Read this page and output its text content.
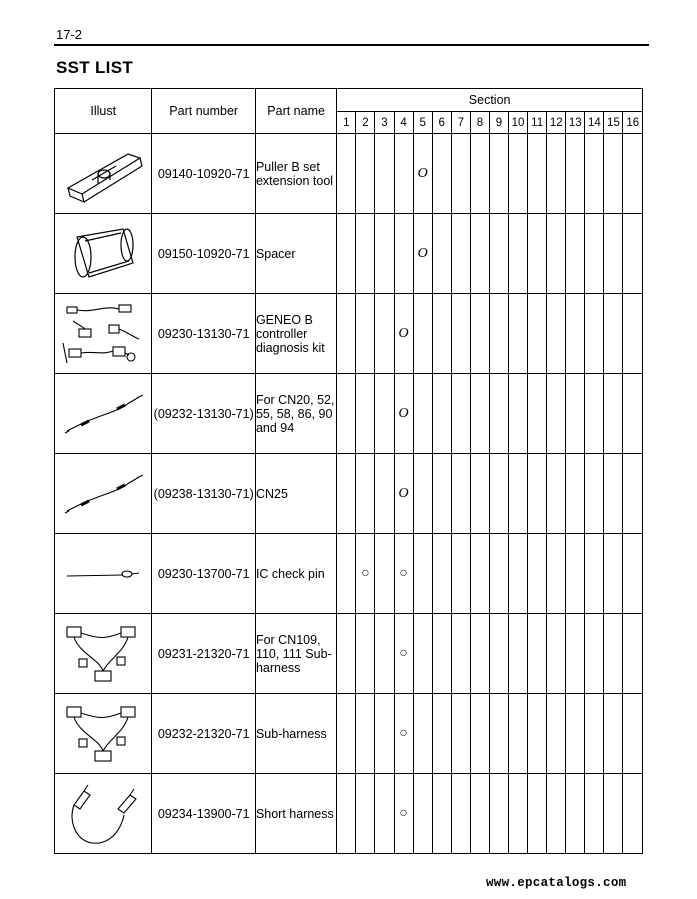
17-2
SST LIST
Illust	Part number	Part name	Section															
			1	2	3	4	5	6	7	8	9	10	11	12	13	14	15	16

	09140-10920-71	Puller B set extension tool					O											

	09150-10920-71	Spacer					O											

	09230-13130-71	GENEO B controller diagnosis kit				O												

	(09232-13130-71)	For CN20, 52, 55, 58, 86, 90 and 94				O												

	(09238-13130-71)	CN25				O												

	09230-13700-71	IC check pin		○		○												

	09231-21320-71	For CN109, 110, 111 Sub-harness				○												

	09232-21320-71	Sub-harness				○												

	09234-13900-71	Short harness				○												
www.epcatalogs.com
